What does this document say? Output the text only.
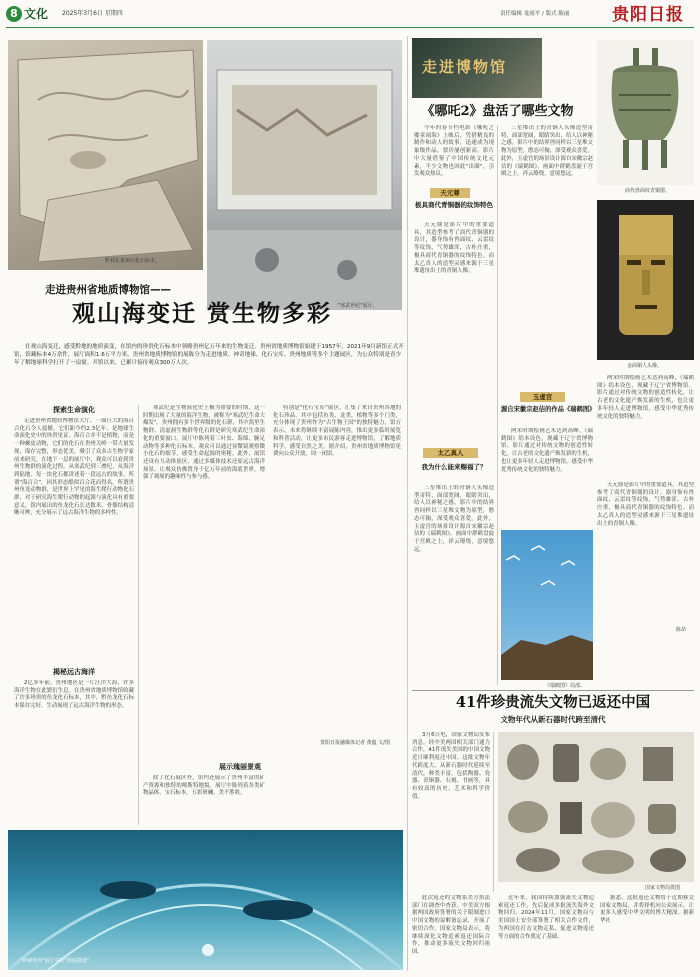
8 文化 2025年3月6日 星期四	责任编辑 龙雨平 / 版式 陈丽	贵阳日报
黔桂孔雀菊石化石标本。
"寒武世纪"展厅。
走进贵州省地质博物馆——
观山海变迁 赏生物多彩
在观山海变迁，感受黔地的地质演变，在馆内的珍贵化石标本中领略贵州亿万年来的生物变迁。贵州省地质博物馆始建于1957年，2021年9月新馆正式开馆，馆藏标本4万余件，展厅面积1.6万平方米。贵州省地质博物馆的展陈分为走进地质、神奇地球、化石宝库、贵州地质等多个主题展区，为公众特别是青少年了解地球科学打开了一扇窗。开馆以来，已累计接待观众300万人次。
探索生命演化
走进贵州省地质博物馆大厅，一面巨大的海百合化石令人震撼。它们距今约2.3亿年，是地球生命演化史中的珍贵见证。海百合并不是植物，而是一种棘皮动物，它们的化石在贵州关岭一带大量发现，保存完整，形态优美，吸引了众多古生物学家前来研究。在地下一层的展厅中，观众可以看到贵州生物群的演化过程，从寒武纪到三叠纪，从海洋到陆地，每一块化石都讲述着一段远古的故事。所谓"海百合"，因其形态酷似百合花而得名。所谓贵州鱼龙动物群，是世界上罕见的海生爬行动物化石群，对于研究海生爬行动物的起源与演化具有重要意义。馆内展出的鱼龙化石长达数米，骨骼结构清晰可辨，充分展示了远古海洋生物的多样性。
揭秘远古海洋
2亿多年前，贵州地区是一片汪洋大海，许多海洋生物在此繁衍生息。在贵州省地质博物馆收藏了许多珍贵的鱼龙化石标本，其中，黔鱼龙化石标本保存完好，生动展现了远古海洋生物的形态。
寒武纪是生物演化史上极为重要的时期，这一时期出现了大量的海洋生物，被称为"寒武纪生命大爆发"。贵州拥有多个世界级的化石群，其中凯里生物群、清虚洞生物群等化石群是研究寒武纪生命演化的重要窗口。展厅中陈列着三叶虫、海绵、腕足动物等多种化石标本，观众可以通过显微镜观察微小化石的细节，感受生命起源的奥秘。此外，展馆还设有互动体验区，通过多媒体技术还原远古海洋场景，让观众仿佛置身于亿万年前的海底世界，增强了观展的趣味性与参与感。
特别是"化石宝库"展区，汇集了来自贵州各地的化石珍品，其中包括鱼类、龙类、植物等多个门类，充分体现了贵州作为"古生物王国"的独特魅力。馆方表示，未来将继续丰富展陈内容，推出更多临时展览和科普活动，让更多市民游客走进博物馆，了解地质科学，感受自然之美。据介绍，贵州省地质博物馆免费向公众开放，周一闭馆。
贵阳日报融媒体记者 黄蕴 文/图
展示瑰丽景观
除了化石展区外，馆内还展示了贵州丰富的矿产资源和独特的喀斯特地貌。展厅中陈列着各类矿物晶体、宝石标本，五彩斑斓，美不胜收。
"神秘贵州"展厅中的"海底隧道"。
走进博物馆
《哪吒2》盘活了哪些文物
今年的春节档电影《哪吒之魔童闹海》上映后，凭借精良的制作和动人的故事，迅速成为现象级作品，票房屡创新高。影片中大量借鉴了中国传统文化元素，不少文物也因此"出圈"，引发观众热议。
天元尊
极具商代青铜器的纹饰特色
天元鼎是影片中的重要道具，其造型参考了商代青铜器的设计，器身饰有兽面纹、云雷纹等纹饰，气势雄浑，古朴庄重，极具商代青铜器的纹饰特色。而太乙真人的造型灵感来源于三星堆遗址出土的青铜人像。
太乙真人
我为什么能来赐福了？
三星堆出土的青铜人头像造型奇特，面部宽阔，眼睛突出，给人以神秘之感。影片中的结界兽同样以三星堆文物为原型，憨态可掬，深受观众喜爱。此外，玉虚宫的场景设计源自宋徽宗赵佶的《瑞鹤图》，画面中群鹤盘旋于宫殿之上，祥云缭绕，意境悠远。
三星堆出土的青铜人头像造型奇特，面部宽阔，眼睛突出，给人以神秘之感。影片中的结界兽同样以三星堆文物为原型，憨态可掬，深受观众喜爱。此外，玉虚宫的场景设计源自宋徽宗赵佶的《瑞鹤图》，画面中群鹤盘旋于宫殿之上，祥云缭绕，意境悠远。
玉虚宫
源自宋徽宗赵佶的作品《瑞鹤图》
两宋时期绘画艺术达到高峰，《瑞鹤图》绢本设色，现藏于辽宁省博物馆。影片通过对传统文物的创造性转化，让古老的文化遗产焕发新的生机，也让更多年轻人走进博物馆，感受中华优秀传统文化的独特魅力。
商代兽面纹青铜器。
金面铜人头像。
两宋时期绘画艺术达到高峰，《瑞鹤图》绢本设色，现藏于辽宁省博物馆。影片通过对传统文物的创造性转化，让古老的文化遗产焕发新的生机，也让更多年轻人走进博物馆，感受中华优秀传统文化的独特魅力。
天元鼎是影片中的重要道具，其造型参考了商代青铜器的设计，器身饰有兽面纹、云雷纹等纹饰，气势雄浑，古朴庄重，极具商代青铜器的纹饰特色。而太乙真人的造型灵感来源于三星堆遗址出土的青铜人像。
陈昂
《瑞鹤图》局部。
41件珍贵流失文物已返还中国
文物年代从新石器时代跨至清代
3月6日电，国家文物局发布消息，经中美两国相关部门通力合作，41件流失美国的中国文物近日顺利返还中国。这批文物年代跨度大，从新石器时代延续至清代，种类丰富，包括陶器、瓷器、青铜器、石刻、书画等，具有较高的历史、艺术和科学价值。
国家文物局供图
此次返还的文物系美方执法部门在调查中查获。中美双方根据两国政府签署的关于限制进口中国文物的谅解备忘录，开展了密切合作。国家文物局表示，将继续深化文物追索返还国际合作，推动更多流失文物回归祖国。
近年来，我国持续加强流失文物追索返还工作，先后促成多批流失海外文物回归。2024年11月，国家文物局与美国国土安全部签署了相关合作文件，为两国在打击文物走私、促进文物返还等方面的合作奠定了基础。
据悉，这批返还文物将于近期移交国家文物局，并将择机向公众展示，让更多人感受中华文明的博大精深。据新华社
